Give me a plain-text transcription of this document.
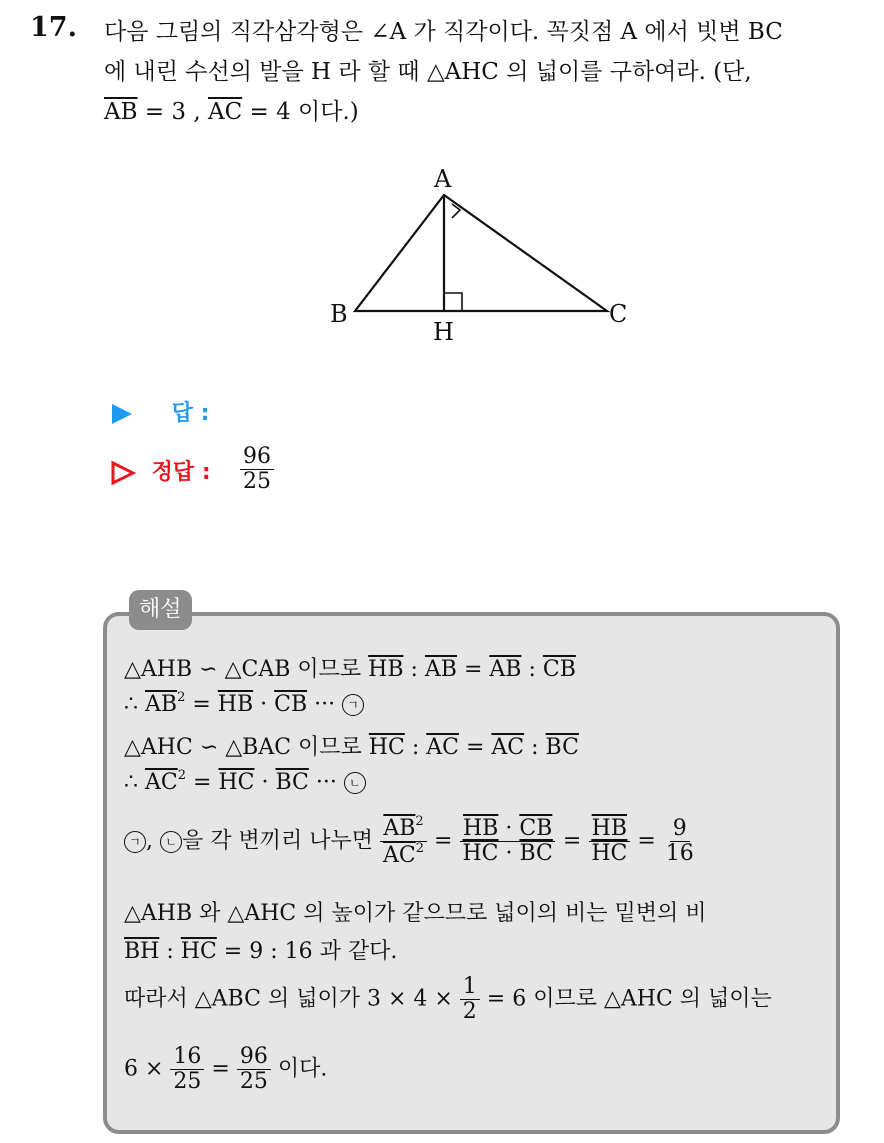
17. 다음 그림의 직각삼각형은 ∠A 가 직각이다. 꼭짓점 A 에서 빗변 BC
에 내린 수선의 발을 H 라 할 때 △AHC 의 넓이를 구하여라. (단,
$\overline{AB} = 3$ , $\overline{AC} = 4$ 이다.)
A
B	C
H
답 :
정답 : $\frac{96}{25}$
해설
△AHB ∽ △CAB 이므로 $\overline{HB}$ : $\overline{AB} = \overline{AB}$ : $\overline{CB}$
∴ $\overline{AB}^2 = \overline{HB} \cdot \overline{CB}$ ··· ㄱ
△AHC ∽ △BAC 이므로 $\overline{HC}$ : $\overline{AC} = \overline{AC}$ : $\overline{BC}$
∴ $\overline{AC}^2 = \overline{HC} \cdot \overline{BC}$ ··· ㄴ
ㄱ , ㄴ 을 각 변끼리 나누면 $\frac{\overline{AB}^2}{\overline{AC}^2} = \frac{\overline{HB} \cdot \overline{CB}}{\overline{HC} \cdot \overline{BC}} = \frac{\overline{HB}}{HC} = \frac{9}{16}$
△AHB 와 △AHC 의 높이가 같으므로 넓이의 비는 밑변의 비
$\overline{BH}$ : $\overline{HC} = 9$ : 16 과 같다.
따라서 △ABC 의 넓이가 $3 \times 4 \times \frac{1}{2} = 6$ 이므로 △AHC 의 넓이는
$6 \times \frac{16}{25} = \frac{96}{25}$ 이다.
